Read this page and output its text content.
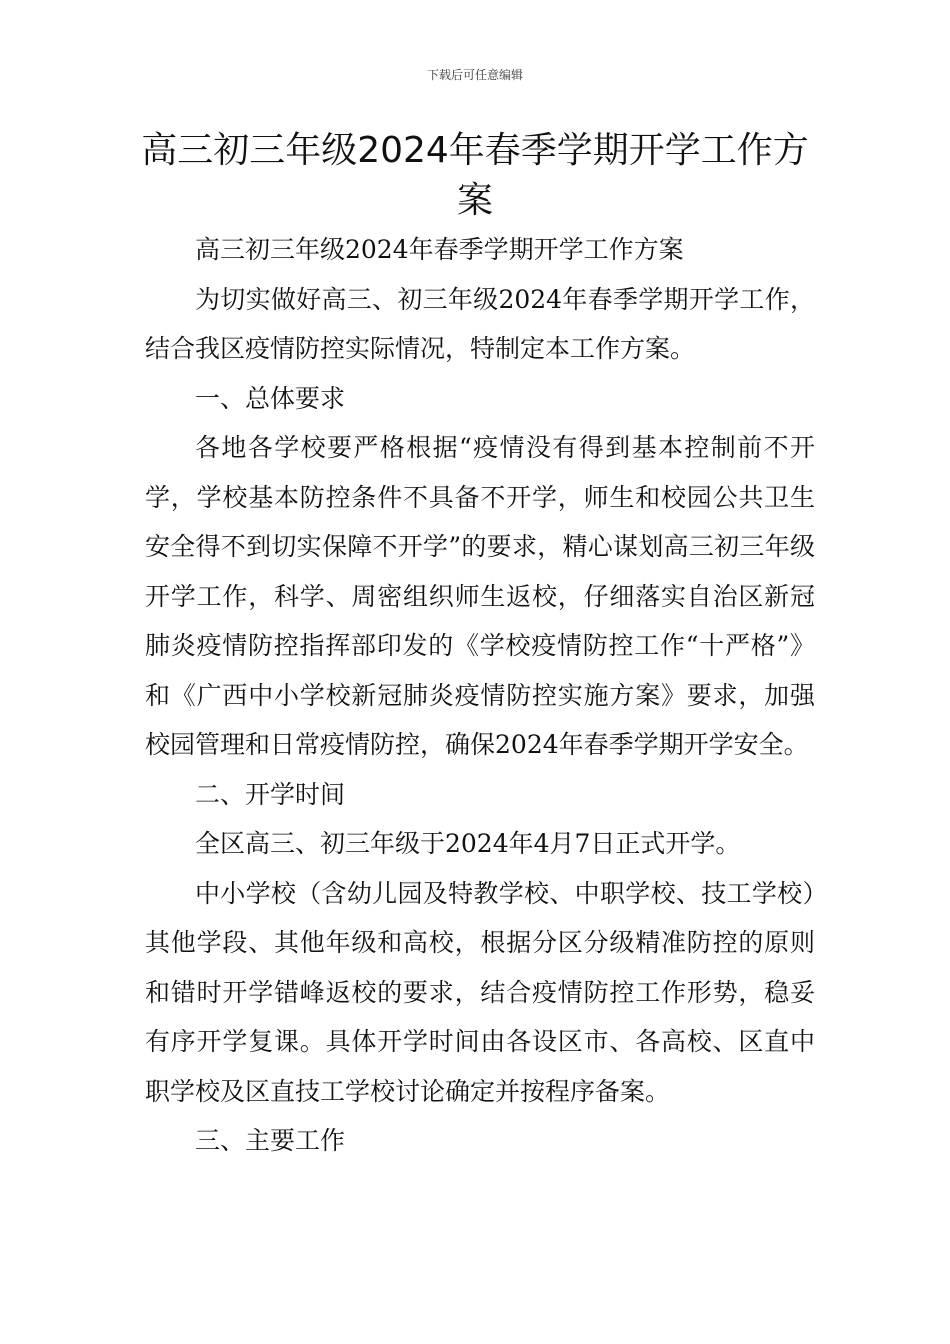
下载后可任意编辑
高三初三年级2024年春季学期开学工作方案

高三初三年级2024年春季学期开学工作方案

为切实做好高三、初三年级2024年春季学期开学工作，结合我区疫情防控实际情况，特制定本工作方案。

一、总体要求

各地各学校要严格根据“疫情没有得到基本控制前不开学，学校基本防控条件不具备不开学，师生和校园公共卫生安全得不到切实保障不开学”的要求，精心谋划高三初三年级开学工作，科学、周密组织师生返校，仔细落实自治区新冠肺炎疫情防控指挥部印发的《学校疫情防控工作“十严格”》和《广西中小学校新冠肺炎疫情防控实施方案》要求，加强校园管理和日常疫情防控，确保2024年春季学期开学安全。

二、开学时间

全区高三、初三年级于2024年4月7日正式开学。

中小学校（含幼儿园及特教学校、中职学校、技工学校）其他学段、其他年级和高校，根据分区分级精准防控的原则和错时开学错峰返校的要求，结合疫情防控工作形势，稳妥有序开学复课。具体开学时间由各设区市、各高校、区直中职学校及区直技工学校讨论确定并按程序备案。

三、主要工作
